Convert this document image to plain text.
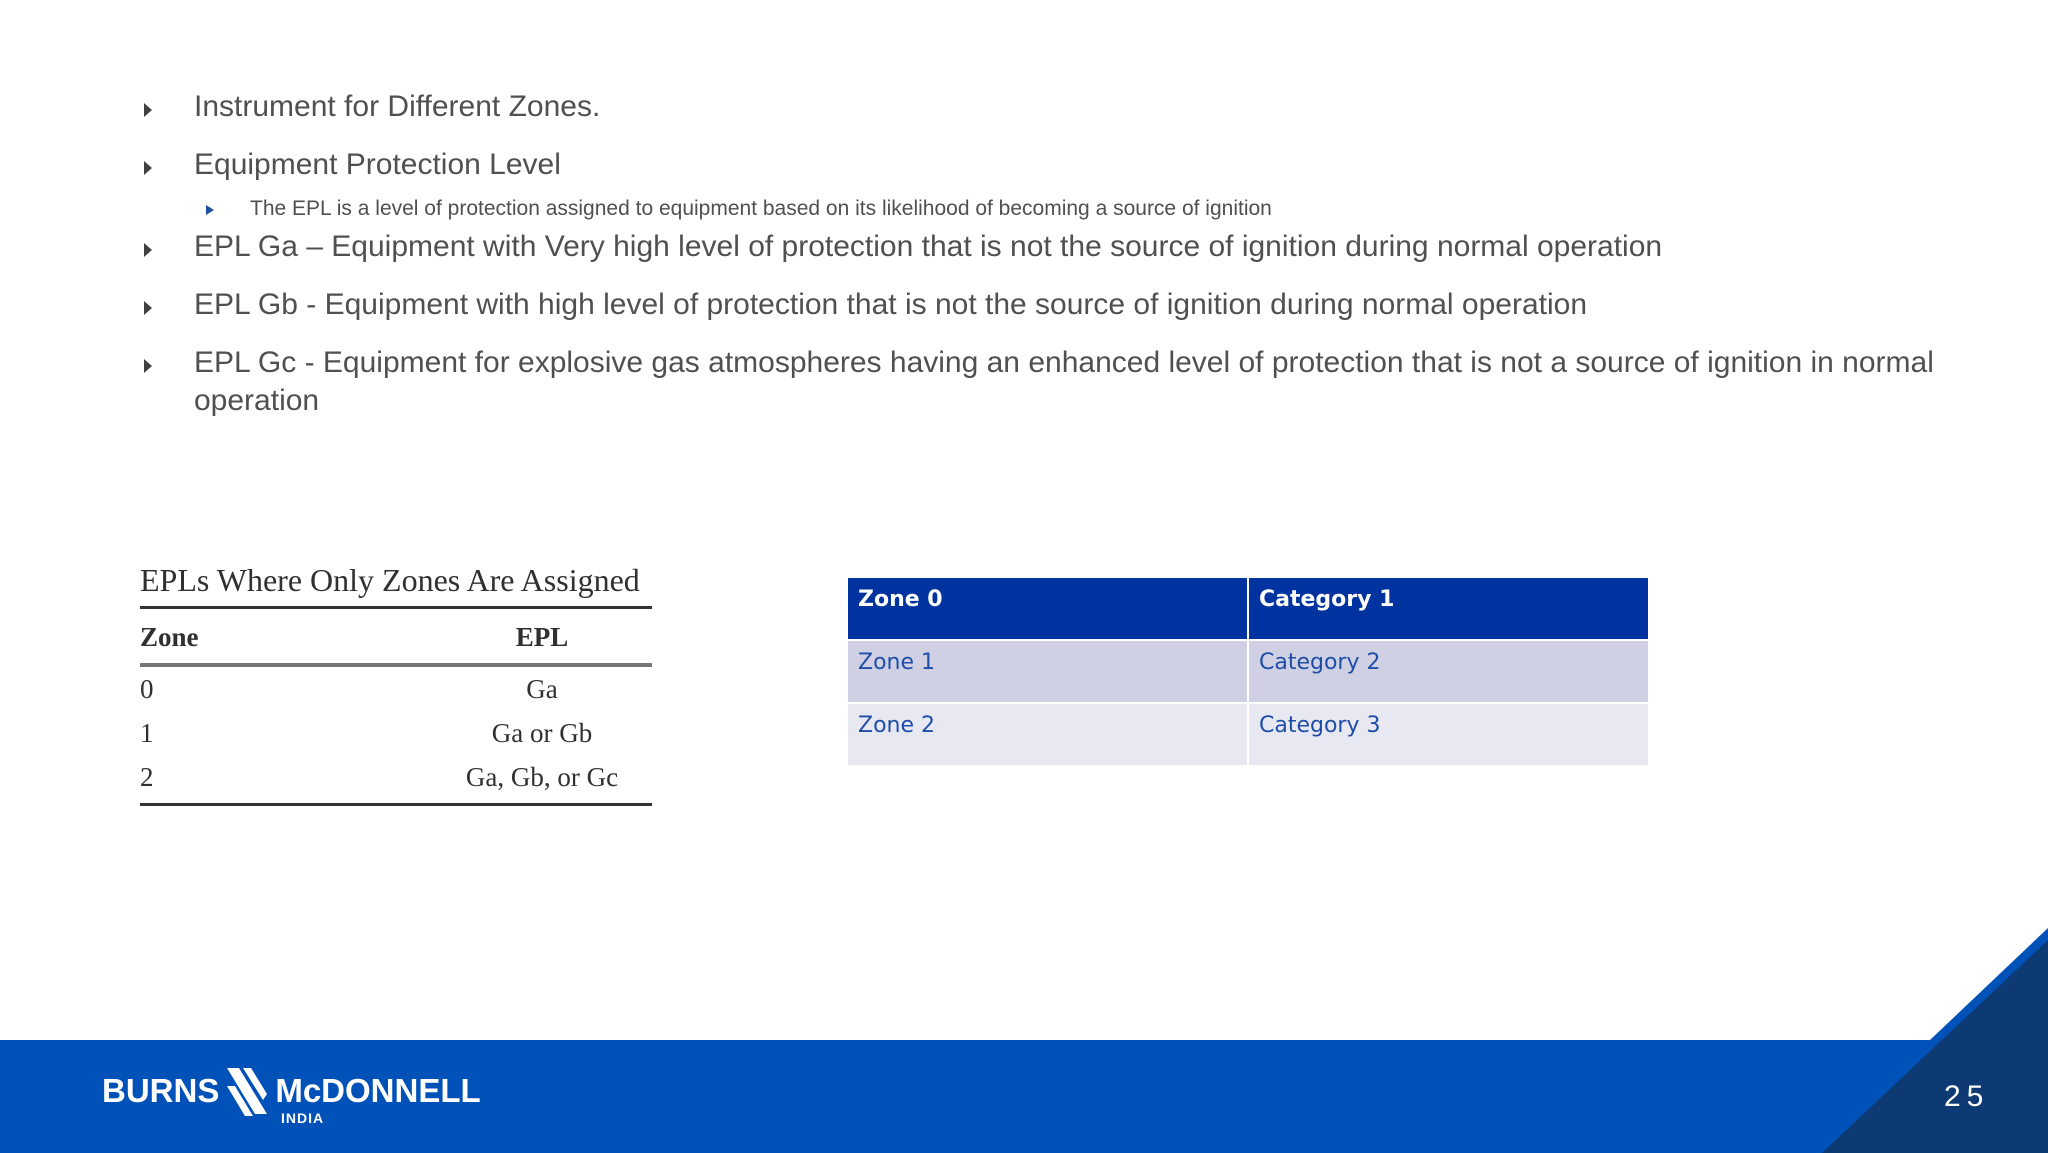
Instrument for Different Zones.
Equipment Protection Level
The EPL is a level of protection assigned to equipment based on its likelihood of becoming a source of ignition
EPL Ga – Equipment with Very high level of protection that is not the source of ignition during normal operation
EPL Gb - Equipment with high level of protection that is not the source of ignition during normal operation
EPL Gc - Equipment for explosive gas atmospheres having an enhanced level of protection that is not a source of ignition in normal operation
EPLs Where Only Zones Are Assigned
Zone	EPL
0	Ga
1	Ga or Gb
2	Ga, Gb, or Gc
Zone 0	Category 1
Zone 1	Category 2
Zone 2	Category 3
BURNS McDONNELL
INDIA
25
